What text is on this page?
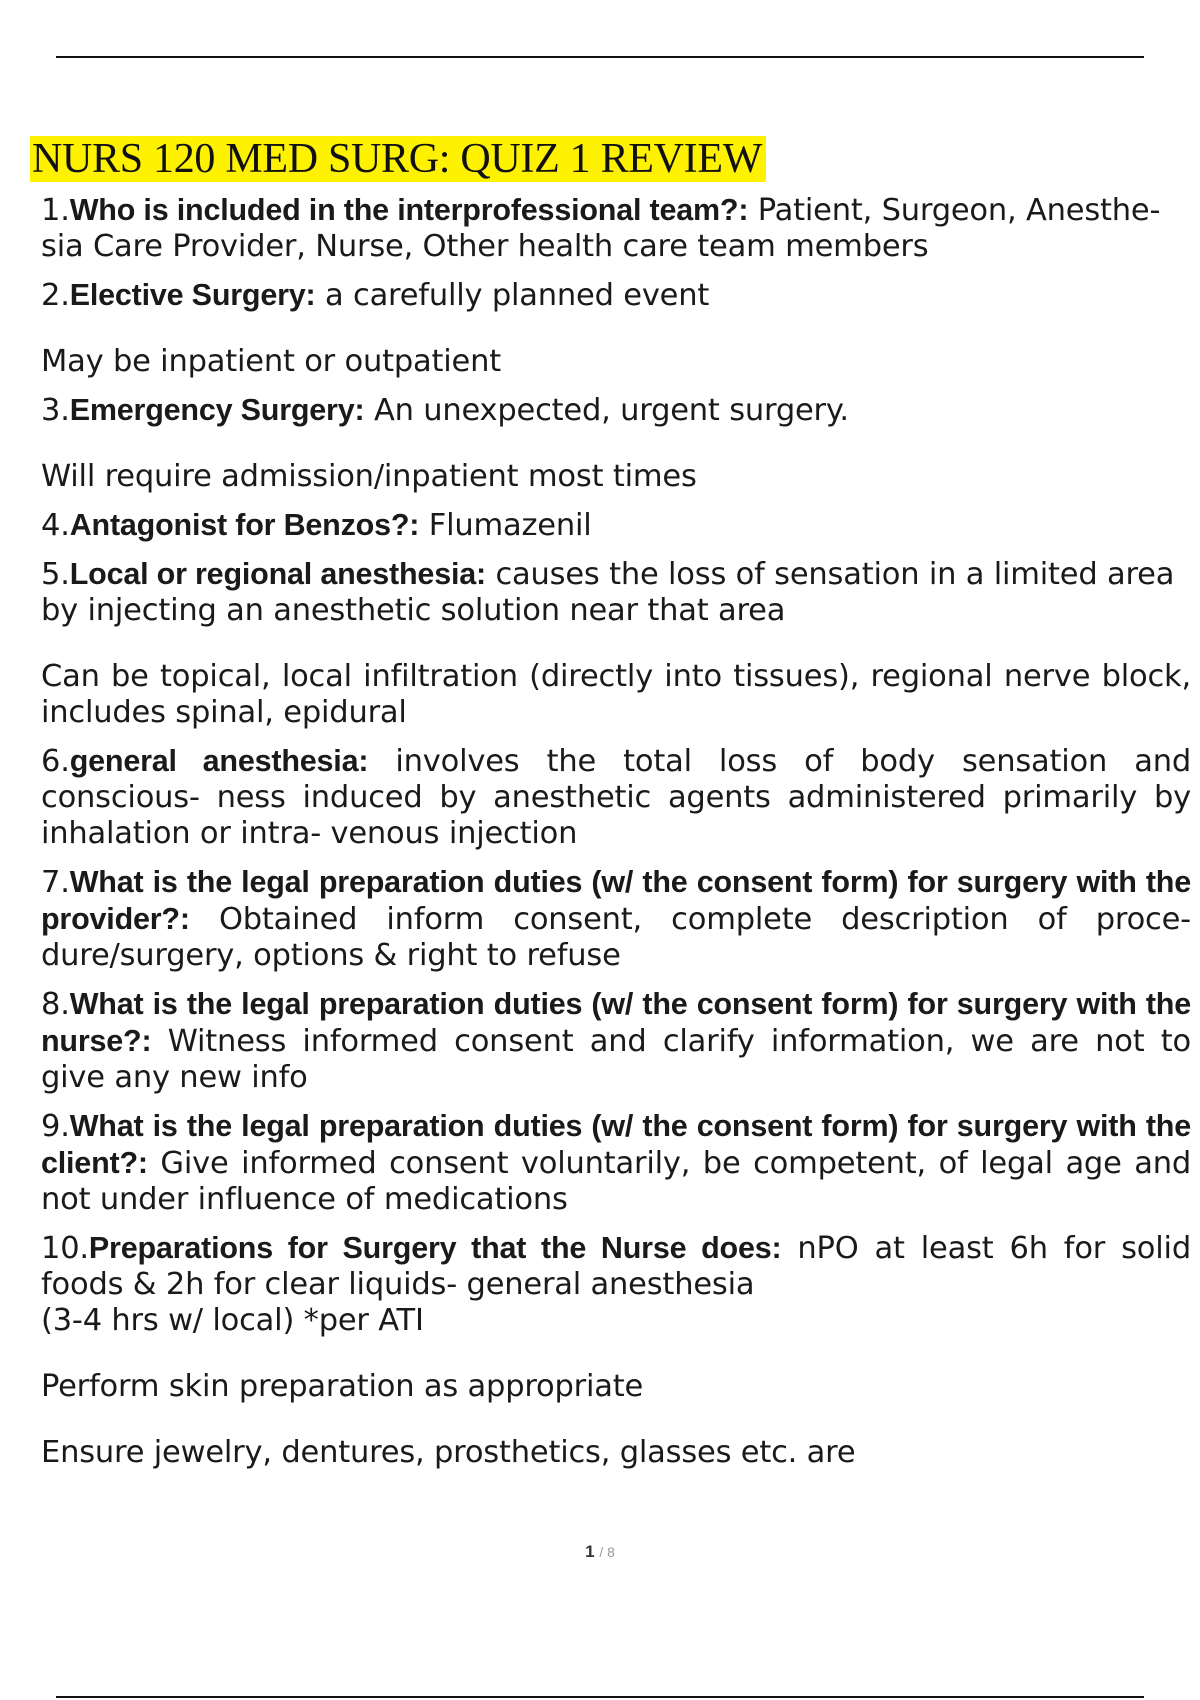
NURS 120 MED SURG: QUIZ 1 REVIEW
1.Who is included in the interprofessional team?: Patient, Surgeon, Anesthe- sia Care Provider, Nurse, Other health care team members
2.Elective Surgery: a carefully planned event
May be inpatient or outpatient
3.Emergency Surgery: An unexpected, urgent surgery.
Will require admission/inpatient most times
4.Antagonist for Benzos?: Flumazenil
5.Local or regional anesthesia: causes the loss of sensation in a limited area by injecting an anesthetic solution near that area
Can be topical, local infiltration (directly into tissues), regional nerve block, includes spinal, epidural
6.general anesthesia: involves the total loss of body sensation and conscious- ness induced by anesthetic agents administered primarily by inhalation or intra- venous injection
7.What is the legal preparation duties (w/ the consent form) for surgery with the provider?: Obtained inform consent, complete description of proce- dure/surgery, options & right to refuse
8.What is the legal preparation duties (w/ the consent form) for surgery with the nurse?: Witness informed consent and clarify information, we are not to give any new info
9.What is the legal preparation duties (w/ the consent form) for surgery with the client?: Give informed consent voluntarily, be competent, of legal age and not under influence of medications
10.Preparations for Surgery that the Nurse does: nPO at least 6h for solid foods & 2h for clear liquids- general anesthesia
(3-4 hrs w/ local) *per ATI
Perform skin preparation as appropriate
Ensure jewelry, dentures, prosthetics, glasses etc. are
1 / 8
